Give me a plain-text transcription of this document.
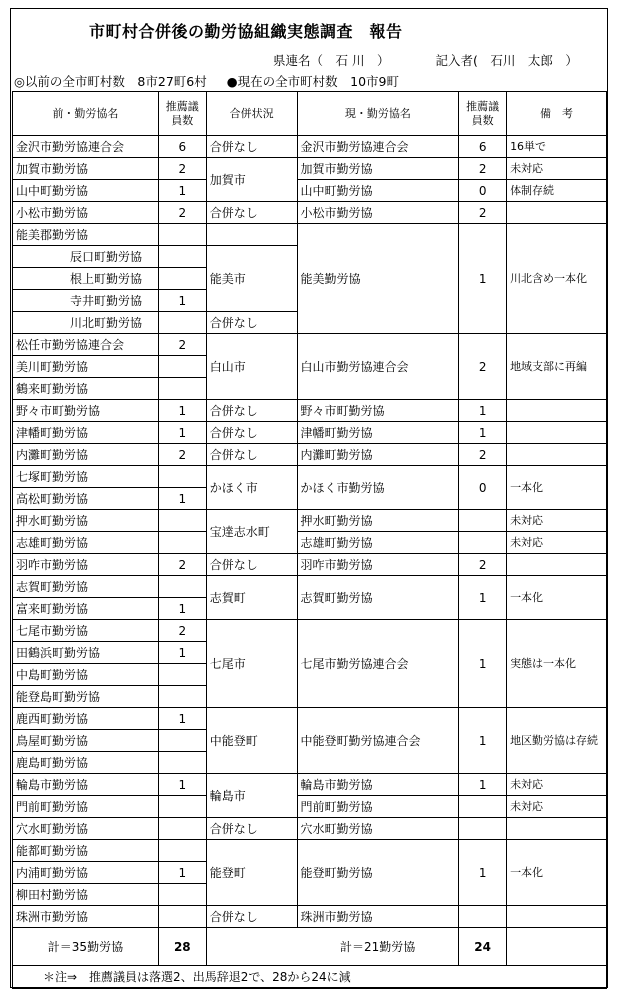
市町村合併後の勤労協組織実態調査　報告
県連名（　石 川　）	記入者(　石川　太郎　）
◎以前の全市町村数　8市27町6村 ●現在の全市町村数　10市9町
前・勤労協名	推薦議員数	合併状況	現・勤労協名	推薦議員数	備　考
金沢市勤労協連合会	6	合併なし	金沢市勤労協連合会	6	16単で
加賀市勤労協	2	加賀市	加賀市勤労協	2	未対応
山中町勤労協	1		山中町勤労協	0	体制存続
小松市勤労協	2	合併なし	小松市勤労協	2	
能美郡勤労協			能美勤労協	1	川北含め一本化
辰口町勤労協		能美市			
根上町勤労協					
寺井町勤労協	1				
川北町勤労協		合併なし			
松任市勤労協連合会	2	白山市	白山市勤労協連合会	2	地域支部に再編
美川町勤労協					
鶴来町勤労協					
野々市町勤労協	1	合併なし	野々市町勤労協	1	
津幡町勤労協	1	合併なし	津幡町勤労協	1	
内灘町勤労協	2	合併なし	内灘町勤労協	2	
七塚町勤労協		かほく市	かほく市勤労協	0	一本化
高松町勤労協	1				
押水町勤労協		宝達志水町	押水町勤労協		未対応
志雄町勤労協			志雄町勤労協		未対応
羽咋市勤労協	2	合併なし	羽咋市勤労協	2	
志賀町勤労協		志賀町	志賀町勤労協	1	一本化
富来町勤労協	1				
七尾市勤労協	2	七尾市	七尾市勤労協連合会	1	実態は一本化
田鶴浜町勤労協	1				
中島町勤労協					
能登島町勤労協					
鹿西町勤労協	1	中能登町	中能登町勤労協連合会	1	地区勤労協は存続
鳥屋町勤労協					
鹿島町勤労協					
輪島市勤労協	1	輪島市	輪島市勤労協	1	未対応
門前町勤労協			門前町勤労協		未対応
穴水町勤労協		合併なし	穴水町勤労協		
能都町勤労協		能登町	能登町勤労協	1	一本化
内浦町勤労協	1				
柳田村勤労協					
珠洲市勤労協		合併なし	珠洲市勤労協		
計＝35勤労協	28		計＝21勤労協	24	
＊注⇒　推薦議員は落選2、出馬辞退2で、28から24に減					
